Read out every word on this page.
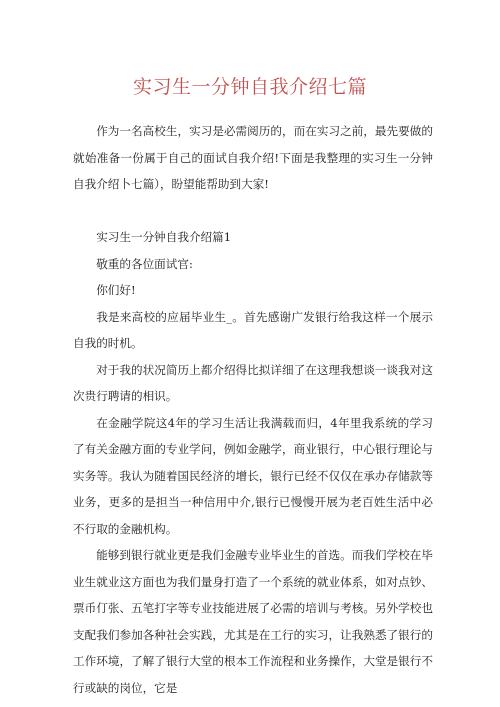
实习生一分钟自我介绍七篇

作为一名高校生，实习是必需阅历的，而在实习之前，最先要做的就始准备一份属于自己的面试自我介绍!下面是我整理的实习生一分钟自我介绍卜七篇），盼望能帮助到大家!

实习生一分钟自我介绍篇1

敬重的各位面试官:

你们好!

我是来高校的应届毕业生_。首先感谢广发银行给我这样一个展示自我的时机。

对于我的状况简历上都介绍得比拟详细了在这理我想谈一谈我对这次贵行聘请的相识。

在金融学院这4年的学习生活让我满载而归，4年里我系统的学习了有关金融方面的专业学问，例如金融学，商业银行，中心银行理论与实务等。我认为随着国民经济的增长，银行已经不仅仅在承办存储款等业务，更多的是担当一种信用中介,银行已慢慢开展为老百姓生活中必不行取的金融机构。

能够到银行就业更是我们金融专业毕业生的首选。而我们学校在毕业生就业这方面也为我们量身打造了一个系统的就业体系，如对点钞、票币仃张、五笔打字等专业技能进展了必需的培训与考核。另外学校也支配我们参加各种社会实践，尤其是在工行的实习，让我熟悉了银行的工作环境，了解了银行大堂的根本工作流程和业务操作，大堂是银行不行或缺的岗位，它是
